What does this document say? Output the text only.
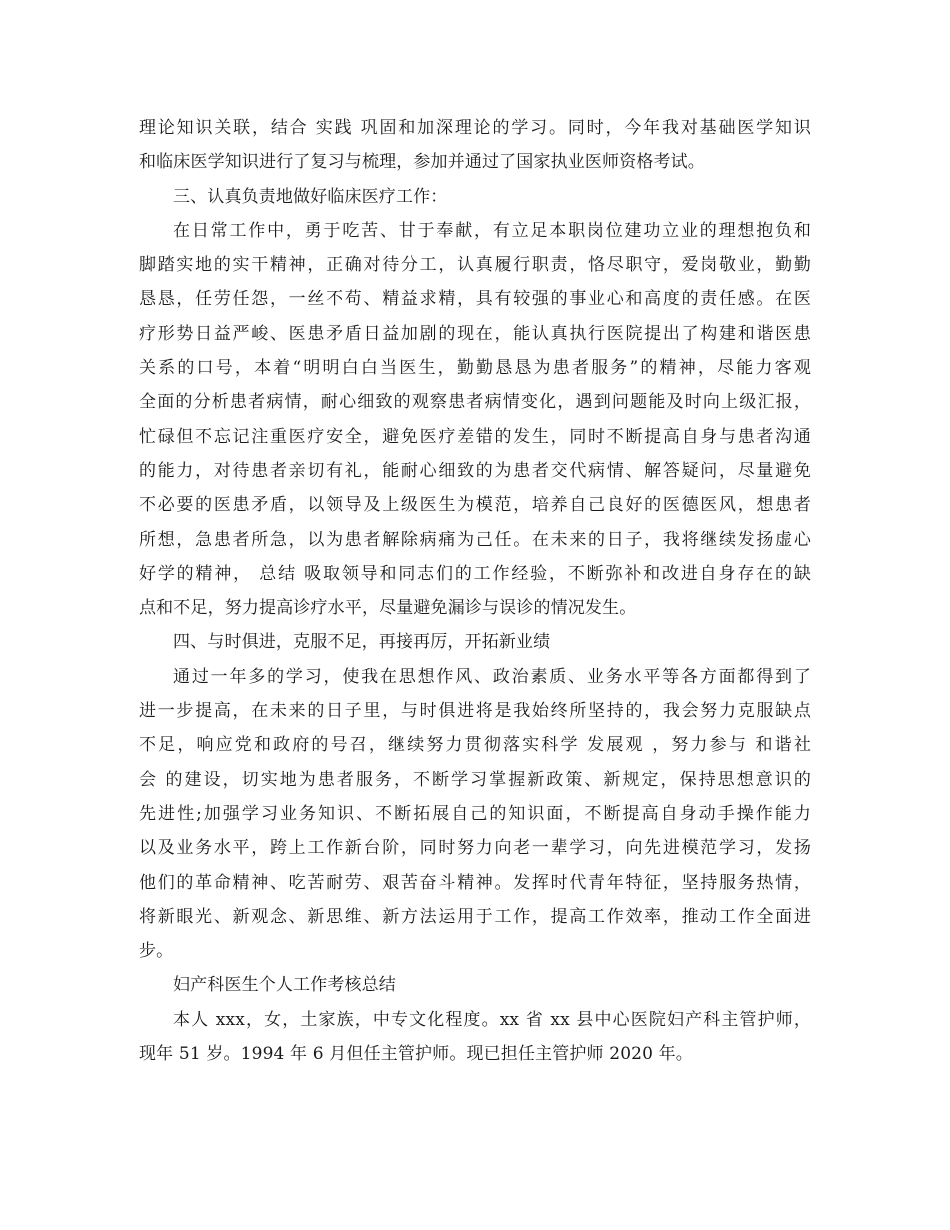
理论知识关联，结合 实践 巩固和加深理论的学习。同时，今年我对基础医学知识
和临床医学知识进行了复习与梳理，参加并通过了国家执业医师资格考试。
三、认真负责地做好临床医疗工作：
在日常工作中，勇于吃苦、甘于奉献，有立足本职岗位建功立业的理想抱负和
脚踏实地的实干精神，正确对待分工，认真履行职责，恪尽职守，爱岗敬业，勤勤
恳恳，任劳任怨，一丝不苟、精益求精，具有较强的事业心和高度的责任感。在医
疗形势日益严峻、医患矛盾日益加剧的现在，能认真执行医院提出了构建和谐医患
关系的口号，本着“明明白白当医生，勤勤恳恳为患者服务”的精神，尽能力客观
全面的分析患者病情，耐心细致的观察患者病情变化，遇到问题能及时向上级汇报，
忙碌但不忘记注重医疗安全，避免医疗差错的发生，同时不断提高自身与患者沟通
的能力，对待患者亲切有礼，能耐心细致的为患者交代病情、解答疑问，尽量避免
不必要的医患矛盾，以领导及上级医生为模范，培养自己良好的医德医风，想患者
所想，急患者所急，以为患者解除病痛为己任。在未来的日子，我将继续发扬虚心
好学的精神， 总结 吸取领导和同志们的工作经验，不断弥补和改进自身存在的缺
点和不足，努力提高诊疗水平，尽量避免漏诊与误诊的情况发生。
四、与时俱进，克服不足，再接再厉，开拓新业绩
通过一年多的学习，使我在思想作风、政治素质、业务水平等各方面都得到了
进一步提高，在未来的日子里，与时俱进将是我始终所坚持的，我会努力克服缺点
不足，响应党和政府的号召，继续努力贯彻落实科学 发展观 ，努力参与 和谐社
会 的建设，切实地为患者服务，不断学习掌握新政策、新规定，保持思想意识的
先进性;加强学习业务知识、不断拓展自己的知识面，不断提高自身动手操作能力
以及业务水平，跨上工作新台阶，同时努力向老一辈学习，向先进模范学习，发扬
他们的革命精神、吃苦耐劳、艰苦奋斗精神。发挥时代青年特征，坚持服务热情，
将新眼光、新观念、新思维、新方法运用于工作，提高工作效率，推动工作全面进
步。
妇产科医生个人工作考核总结
本人 xxx，女，土家族，中专文化程度。xx 省 xx 县中心医院妇产科主管护师，
现年 51 岁。1994 年 6 月但任主管护师。现已担任主管护师 2020 年。
